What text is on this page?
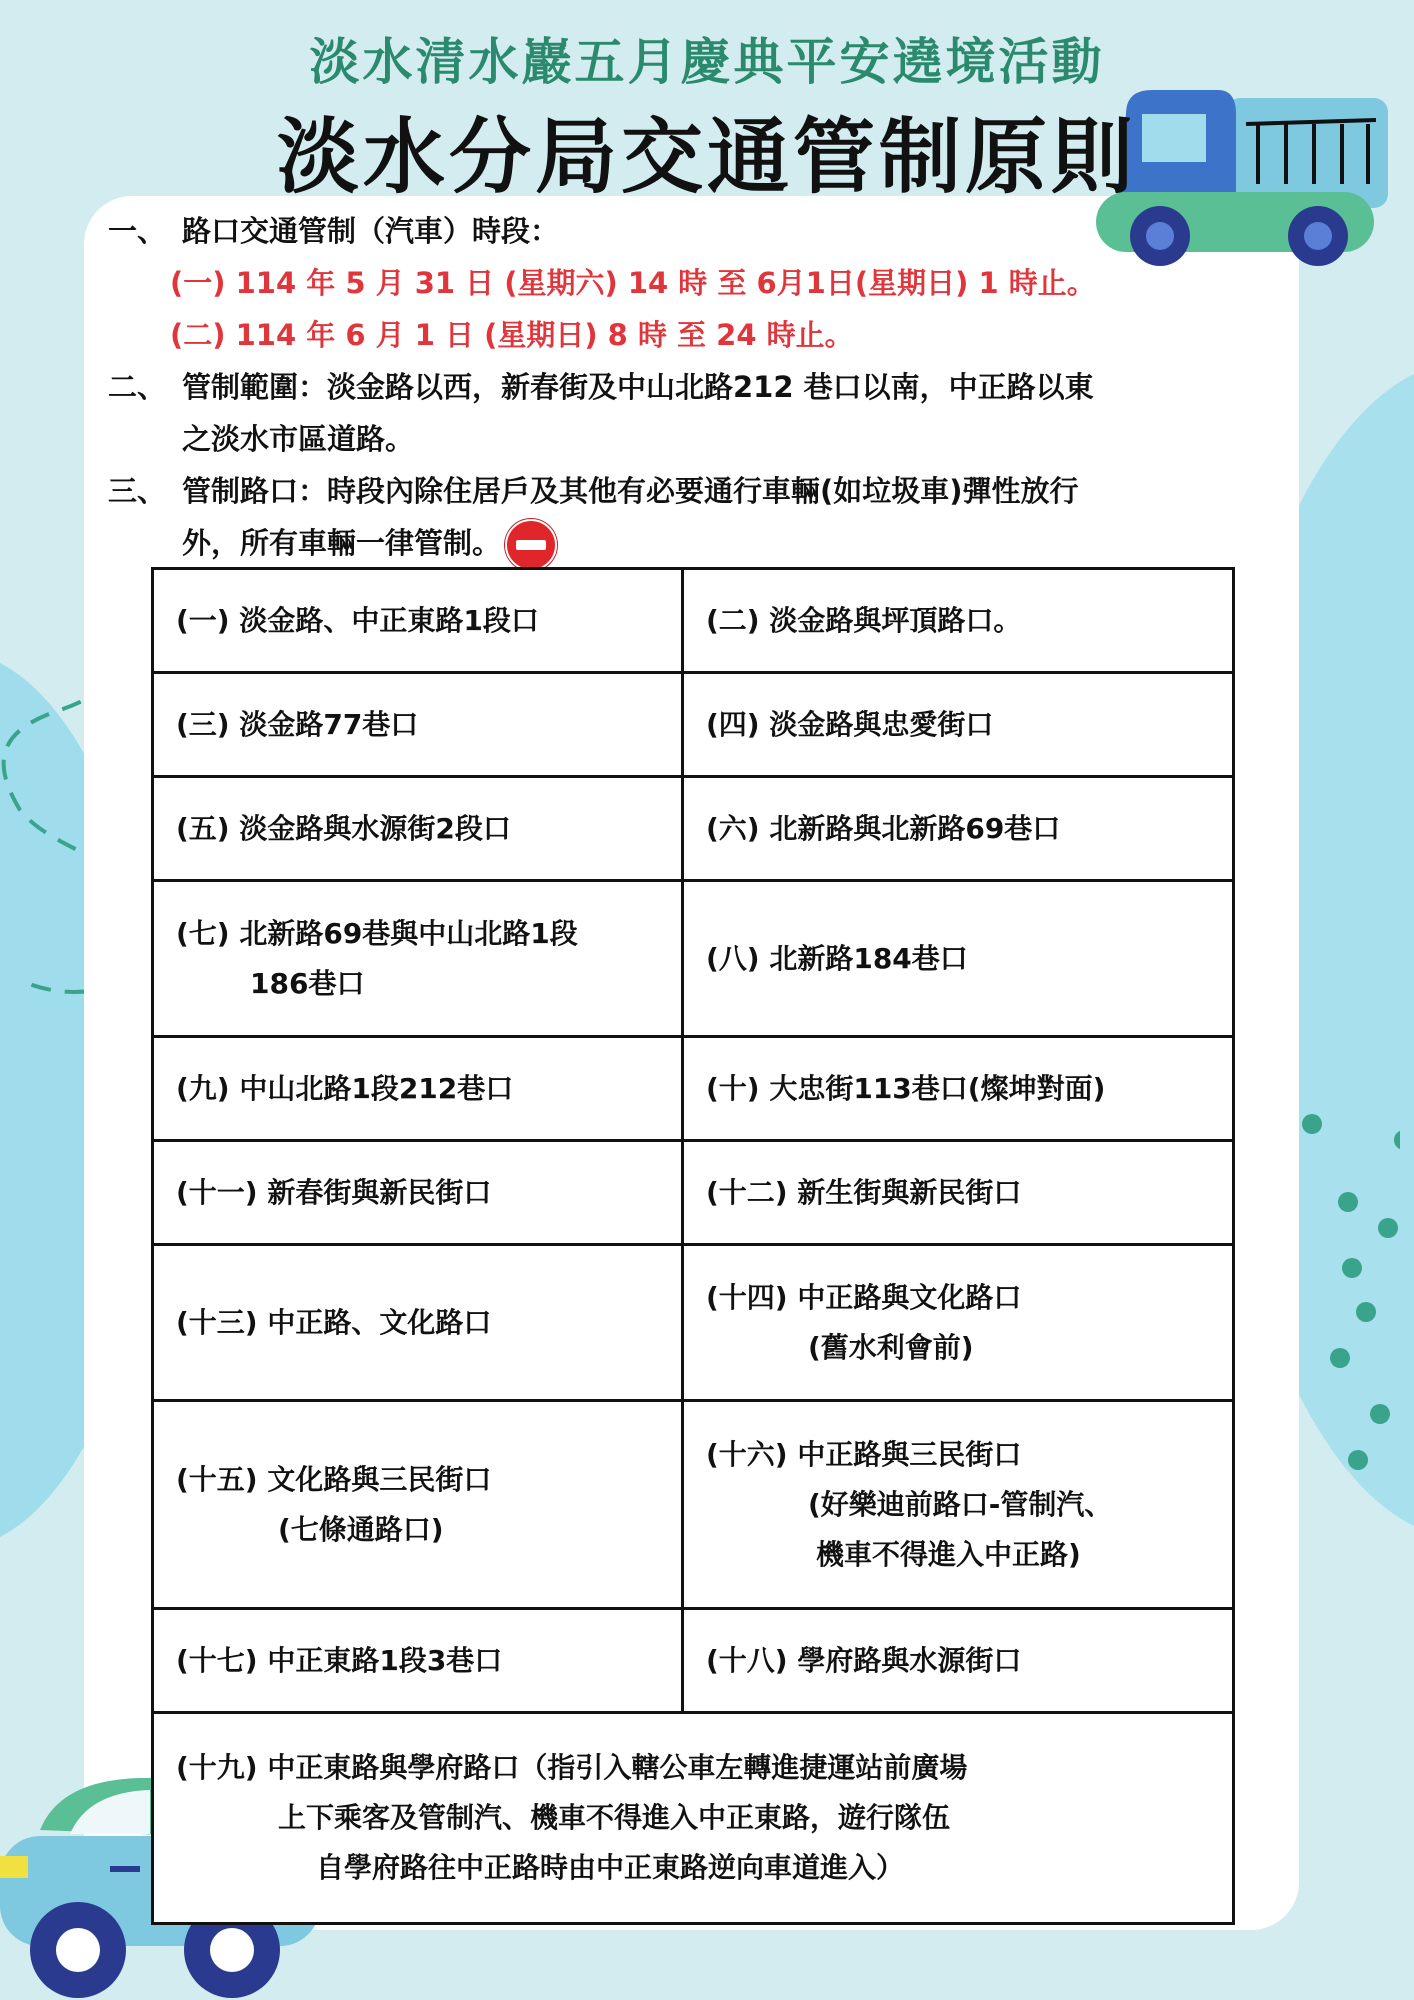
淡水清水巖五月慶典平安遶境活動
淡水分局交通管制原則
一、 路口交通管制（汽車）時段：
(一) 114 年 5 月 31 日 (星期六) 14 時 至 6月1日(星期日) 1 時止。
(二) 114 年 6 月 1 日 (星期日) 8 時 至 24 時止。
二、 管制範圍：淡金路以西，新春街及中山北路212 巷口以南，中正路以東
之淡水市區道路。
三、 管制路口：時段內除住居戶及其他有必要通行車輛(如垃圾車)彈性放行
外，所有車輛一律管制。
(一) 淡金路、中正東路1段口	(二) 淡金路與坪頂路口。
(三) 淡金路77巷口	(四) 淡金路與忠愛街口
(五) 淡金路與水源街2段口	(六) 北新路與北新路69巷口
(七) 北新路69巷與中山北路1段
186巷口	(八) 北新路184巷口
(九) 中山北路1段212巷口	(十) 大忠街113巷口(燦坤對面)
(十一) 新春街與新民街口	(十二) 新生街與新民街口
(十三) 中正路、文化路口	(十四) 中正路與文化路口
(舊水利會前)

(十五) 文化路與三民街口
(七條通路口)	(十六) 中正路與三民街口
(好樂迪前路口-管制汽、
機車不得進入中正路)

(十七) 中正東路1段3巷口	(十八) 學府路與水源街口
(十九) 中正東路與學府路口（指引入轄公車左轉進捷運站前廣場
上下乘客及管制汽、機車不得進入中正東路，遊行隊伍
自學府路往中正路時由中正東路逆向車道進入）	
